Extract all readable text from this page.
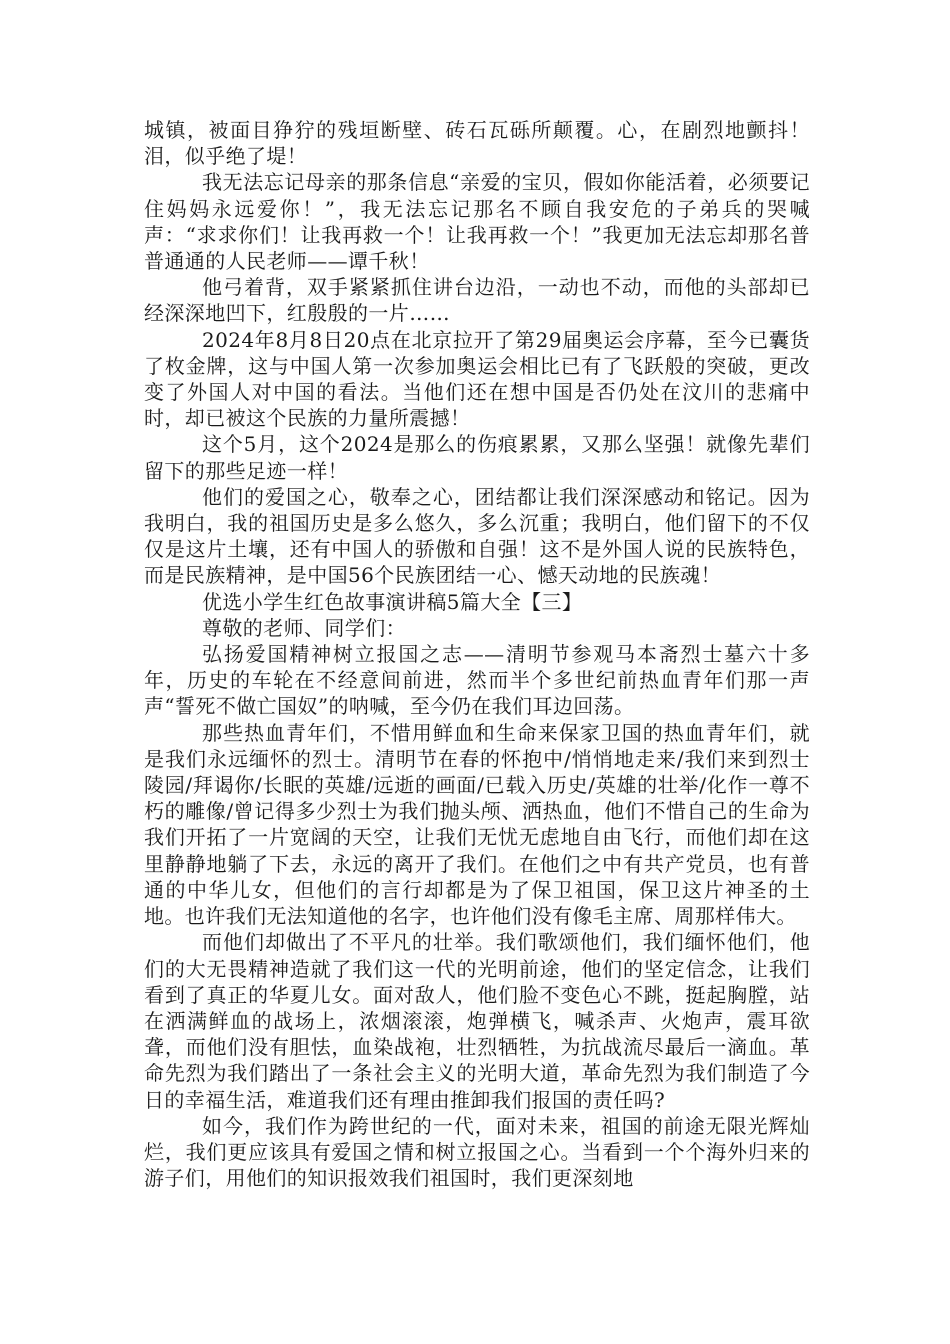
城镇，被面目狰狞的残垣断壁、砖石瓦砾所颠覆。心，在剧烈地颤抖！泪，似乎绝了堤！

我无法忘记母亲的那条信息“亲爱的宝贝，假如你能活着，必须要记住妈妈永远爱你！”，我无法忘记那名不顾自我安危的子弟兵的哭喊声：“求求你们！让我再救一个！让我再救一个！”我更加无法忘却那名普普通通的人民老师——谭千秋！

他弓着背，双手紧紧抓住讲台边沿，一动也不动，而他的头部却已经深深地凹下，红殷殷的一片……

2024年8月8日20点在北京拉开了第29届奥运会序幕，至今已囊货了枚金牌，这与中国人第一次参加奥运会相比已有了飞跃般的突破，更改变了外国人对中国的看法。当他们还在想中国是否仍处在汶川的悲痛中时，却已被这个民族的力量所震撼！

这个5月，这个2024是那么的伤痕累累，又那么坚强！就像先辈们留下的那些足迹一样！

他们的爱国之心，敬奉之心，团结都让我们深深感动和铭记。因为我明白，我的祖国历史是多么悠久，多么沉重；我明白，他们留下的不仅仅是这片土壤，还有中国人的骄傲和自强！这不是外国人说的民族特色，而是民族精神，是中国56个民族团结一心、憾天动地的民族魂！

优选小学生红色故事演讲稿5篇大全【三】

尊敬的老师、同学们：

弘扬爱国精神树立报国之志——清明节参观马本斋烈士墓六十多年，历史的车轮在不经意间前进，然而半个多世纪前热血青年们那一声声“誓死不做亡国奴”的呐喊，至今仍在我们耳边回荡。

那些热血青年们，不惜用鲜血和生命来保家卫国的热血青年们，就是我们永远缅怀的烈士。清明节在春的怀抱中/悄悄地走来/我们来到烈士陵园/拜谒你/长眠的英雄/远逝的画面/已载入历史/英雄的壮举/化作一尊不朽的雕像/曾记得多少烈士为我们抛头颅、洒热血，他们不惜自己的生命为我们开拓了一片宽阔的天空，让我们无忧无虑地自由飞行，而他们却在这里静静地躺了下去，永远的离开了我们。在他们之中有共产党员，也有普通的中华儿女，但他们的言行却都是为了保卫祖国，保卫这片神圣的土地。也许我们无法知道他的名字，也许他们没有像毛主席、周那样伟大。

而他们却做出了不平凡的壮举。我们歌颂他们，我们缅怀他们，他们的大无畏精神造就了我们这一代的光明前途，他们的坚定信念，让我们看到了真正的华夏儿女。面对敌人，他们脸不变色心不跳，挺起胸膛，站在洒满鲜血的战场上，浓烟滚滚，炮弹横飞，喊杀声、火炮声，震耳欲聋，而他们没有胆怯，血染战袍，壮烈牺牲，为抗战流尽最后一滴血。革命先烈为我们踏出了一条社会主义的光明大道，革命先烈为我们制造了今日的幸福生活，难道我们还有理由推卸我们报国的责任吗?

如今，我们作为跨世纪的一代，面对未来，祖国的前途无限光辉灿烂，我们更应该具有爱国之情和树立报国之心。当看到一个个海外归来的游子们，用他们的知识报效我们祖国时，我们更深刻地
